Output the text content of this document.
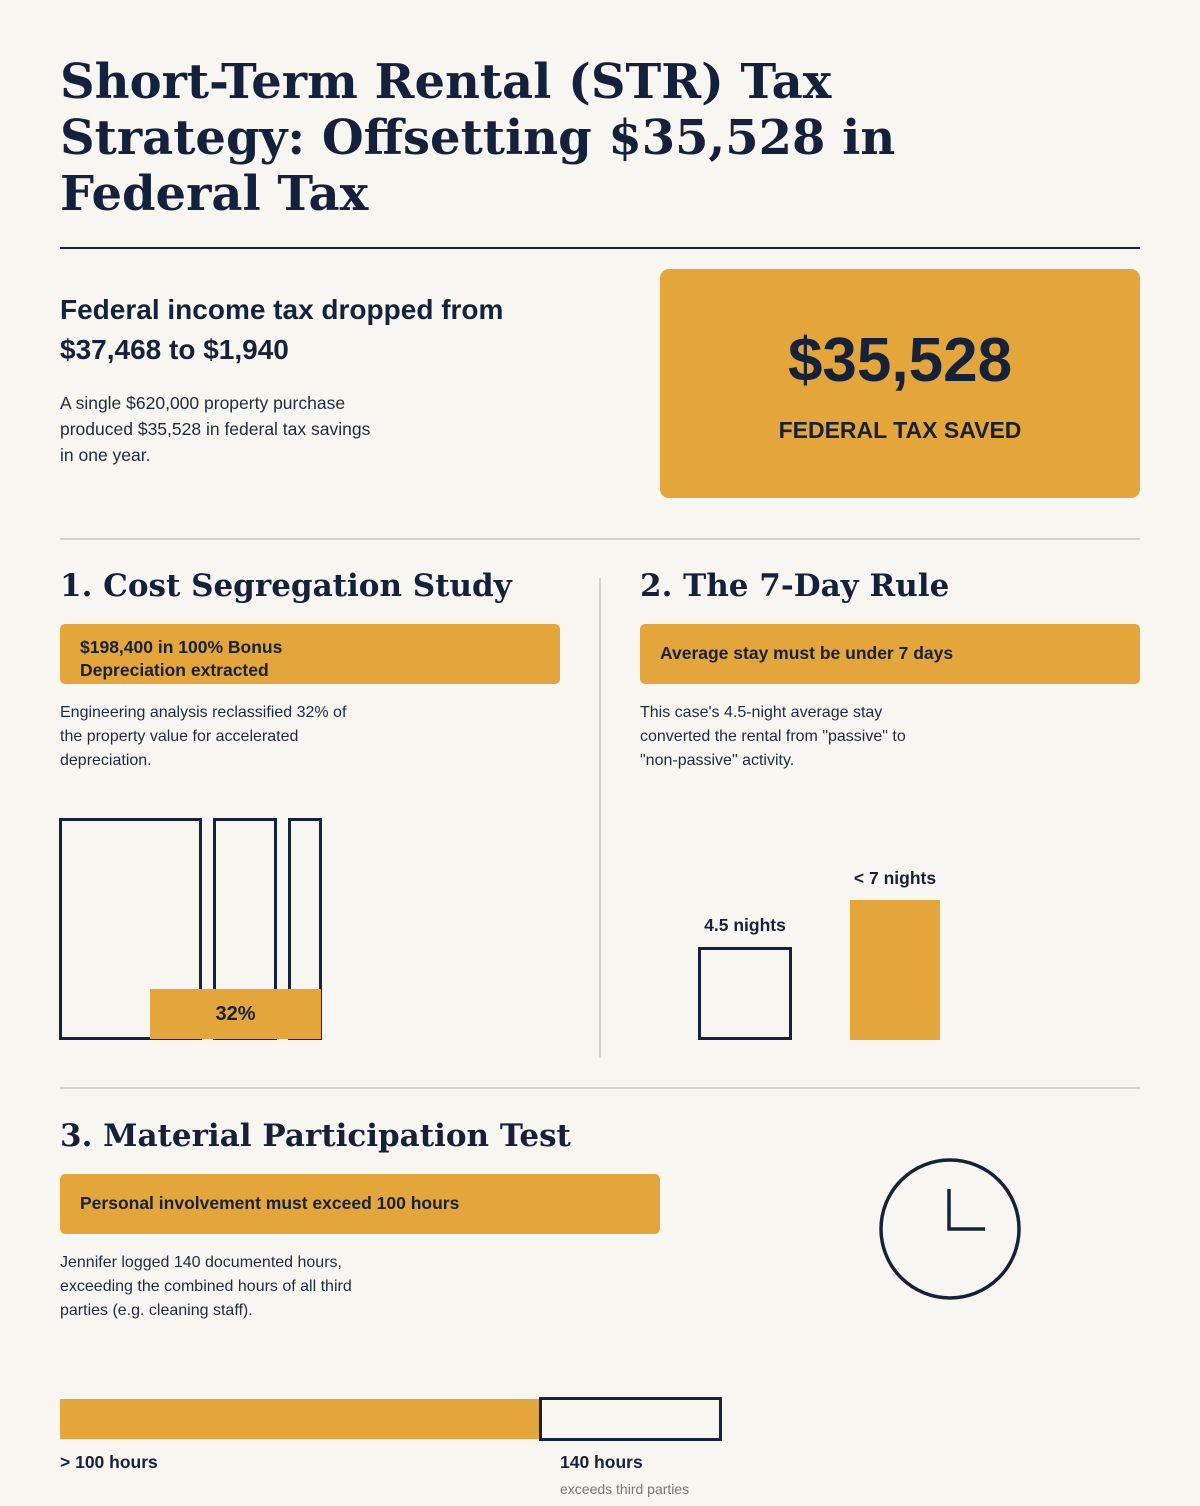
Short-Term Rental (STR) Tax Strategy: Offsetting $35,528 in Federal Tax

Federal income tax dropped from $37,468 to $1,940

A single $620,000 property purchase produced $35,528 in federal tax savings in one year.

$35,528
FEDERAL TAX SAVED
1. Cost Segregation Study
$198,400 in 100% Bonus
Depreciation extracted

Engineering analysis reclassified 32% of the property value for accelerated depreciation.

32%
2. The 7-Day Rule
Average stay must be under 7 days

This case's 4.5-night average stay converted the rental from "passive" to "non-passive" activity.

4.5 nights
< 7 nights
3. Material Participation Test
Personal involvement must exceed 100 hours

Jennifer logged 140 documented hours, exceeding the combined hours of all third parties (e.g. cleaning staff).

> 100 hours	140 hours
exceeds third parties
